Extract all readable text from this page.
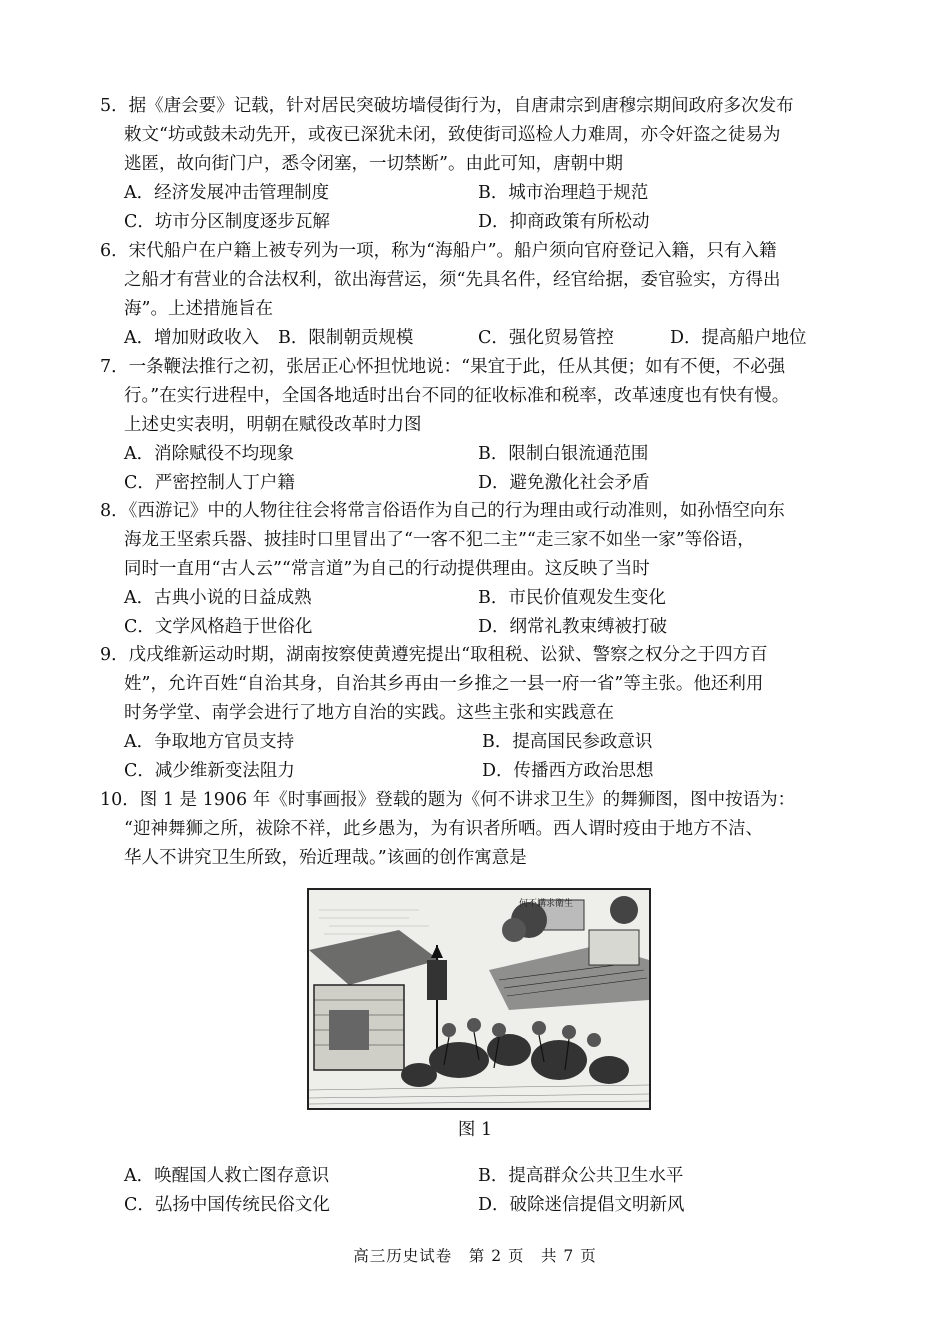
5．据《唐会要》记载，针对居民突破坊墙侵街行为，自唐肃宗到唐穆宗期间政府多次发布
敕文“坊或鼓未动先开，或夜已深犹未闭，致使街司巡检人力难周，亦令奸盗之徒易为
逃匿，故向街门户，悉令闭塞，一切禁断”。由此可知，唐朝中期
A．经济发展冲击管理制度	B．城市治理趋于规范
C．坊市分区制度逐步瓦解	D．抑商政策有所松动
6．宋代船户在户籍上被专列为一项，称为“海船户”。船户须向官府登记入籍，只有入籍
之船才有营业的合法权利，欲出海营运，须“先具名件，经官给据，委官验实，方得出
海”。上述措施旨在
A．增加财政收入 B．限制朝贡规模	C．强化贸易管控	D．提高船户地位
7．一条鞭法推行之初，张居正心怀担忧地说：“果宜于此，任从其便；如有不便，不必强
行。”在实行进程中，全国各地适时出台不同的征收标准和税率，改革速度也有快有慢。
上述史实表明，明朝在赋役改革时力图
A．消除赋役不均现象	B．限制白银流通范围
C．严密控制人丁户籍	D．避免激化社会矛盾
8．《西游记》中的人物往往会将常言俗语作为自己的行为理由或行动准则，如孙悟空向东
海龙王坚索兵器、披挂时口里冒出了“一客不犯二主”“走三家不如坐一家”等俗语，
同时一直用“古人云”“常言道”为自己的行动提供理由。这反映了当时
A．古典小说的日益成熟	B．市民价值观发生变化
C．文学风格趋于世俗化	D．纲常礼教束缚被打破
9．戊戌维新运动时期，湖南按察使黄遵宪提出“取租税、讼狱、警察之权分之于四方百
姓”，允许百姓“自治其身，自治其乡再由一乡推之一县一府一省”等主张。他还利用
时务学堂、南学会进行了地方自治的实践。这些主张和实践意在
A．争取地方官员支持	B．提高国民参政意识
C．减少维新变法阻力	D．传播西方政治思想
10．图 1 是 1906 年《时事画报》登载的题为《何不讲求卫生》的舞狮图，图中按语为：
“迎神舞狮之所，祓除不祥，此乡愚为，为有识者所哂。西人谓时疫由于地方不洁、
华人不讲究卫生所致，殆近理哉。”该画的创作寓意是
何不講求衛生
图 1
A．唤醒国人救亡图存意识	B．提高群众公共卫生水平
C．弘扬中国传统民俗文化	D．破除迷信提倡文明新风
高三历史试卷　第 2 页　共 7 页
